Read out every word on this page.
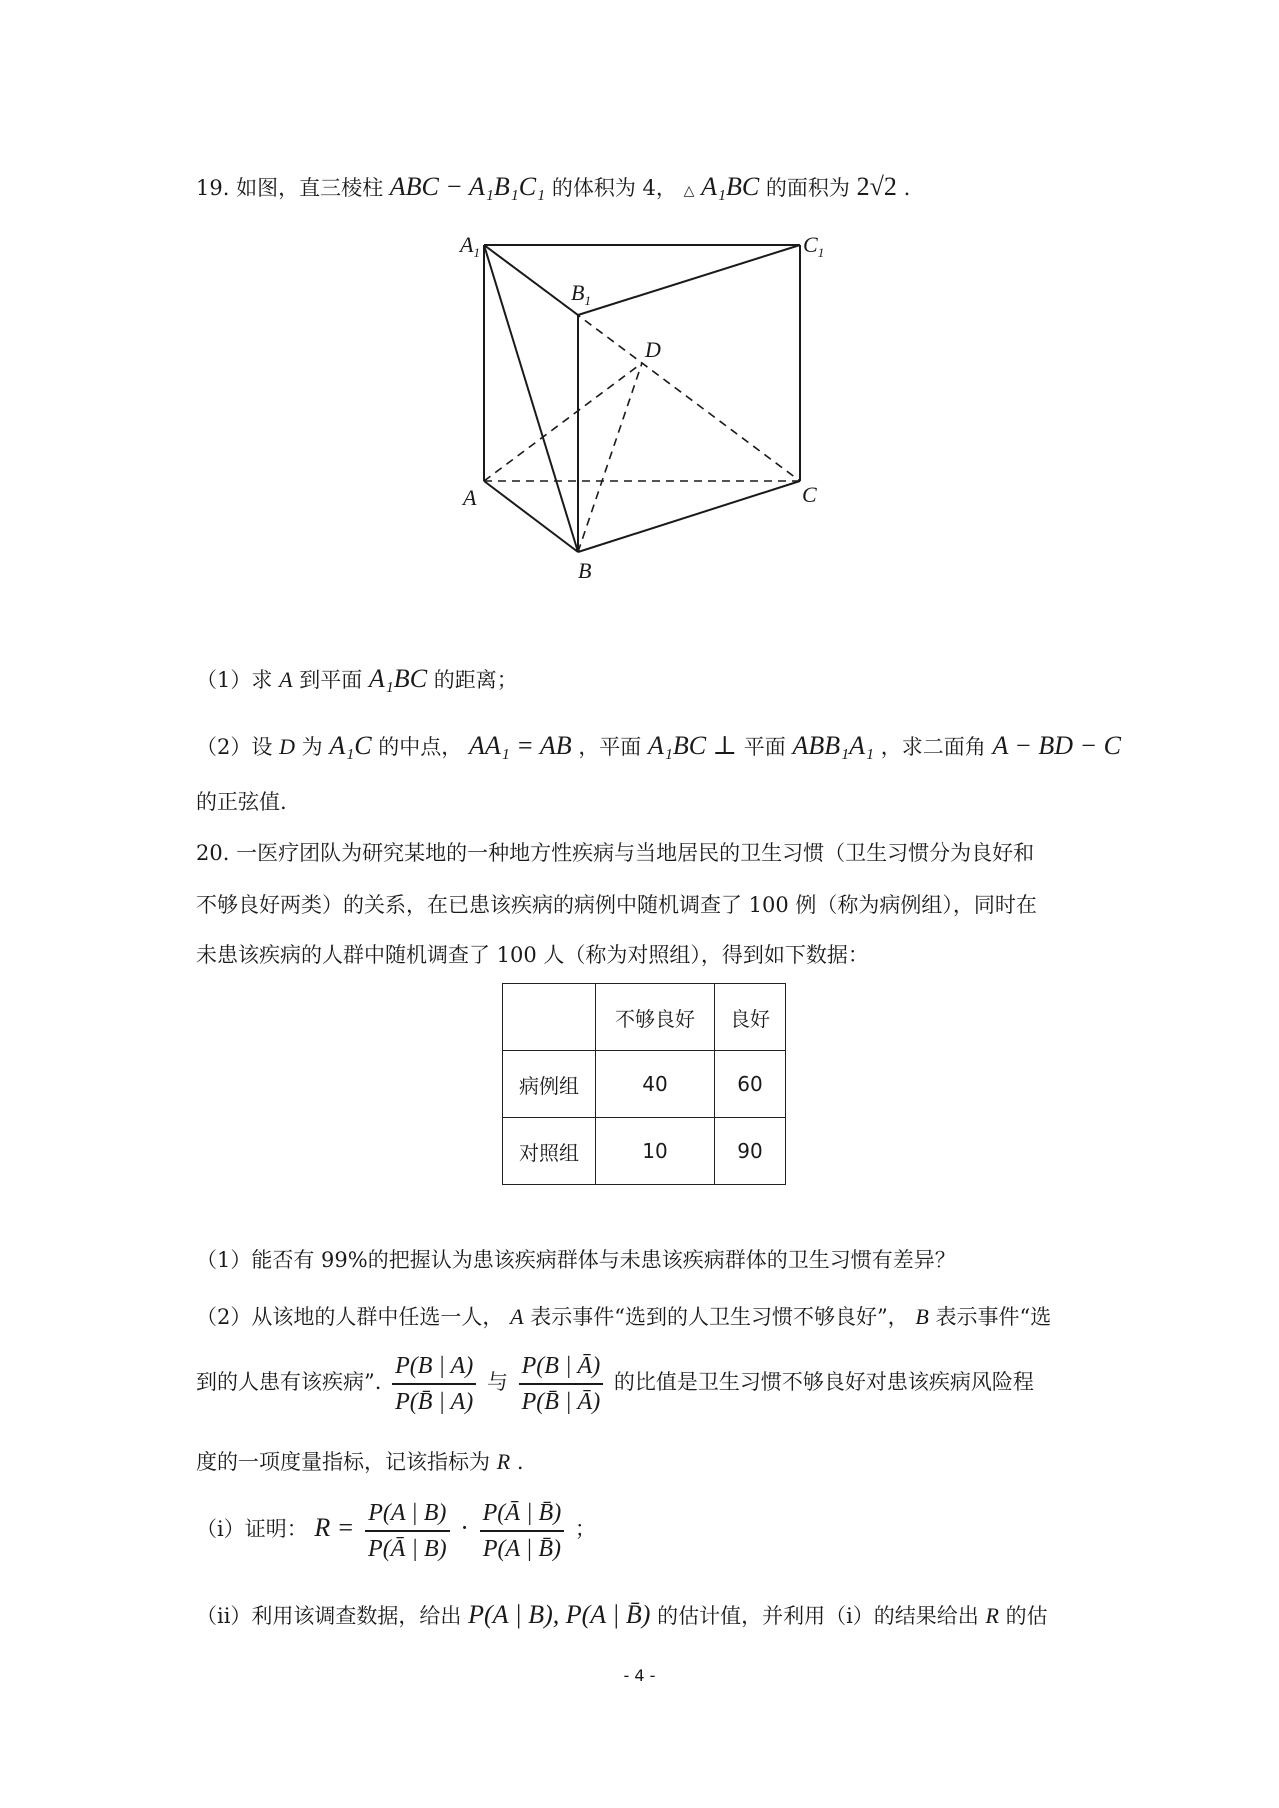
19. 如图，直三棱柱 ABC − A₁B₁C₁ 的体积为 4， △ A₁BC 的面积为 2√2 .
$A_1$	$C_1$
$B_1$
D
A	C
B
（1）求 A 到平面 A₁BC 的距离；
（2）设 D 为 A₁C 的中点， AA₁ = AB ，平面 A₁BC ⊥ 平面 ABB₁A₁ ，求二面角 A − BD − C
的正弦值.
20. 一医疗团队为研究某地的一种地方性疾病与当地居民的卫生习惯（卫生习惯分为良好和
不够良好两类）的关系，在已患该疾病的病例中随机调查了 100 例（称为病例组），同时在
未患该疾病的人群中随机调查了 100 人（称为对照组），得到如下数据：
	不够良好	良好
病例组	40	60
对照组	10	90
（1）能否有 99%的把握认为患该疾病群体与未患该疾病群体的卫生习惯有差异？
（2）从该地的人群中任选一人， A 表示事件“选到的人卫生习惯不够良好”， B 表示事件“选
到的人患有该疾病”. $\frac{P(B | A)}{P(B̄ | A)}$ 与 $\frac{P(B | Ā)}{P(B̄ | Ā)}$ 的比值是卫生习惯不够良好对患该疾病风险程
度的一项度量指标，记该指标为 R .
（i）证明： $R = \frac{P(A | B)}{P(Ā | B)} \cdot \frac{P(Ā | B̄)}{P(A | B̄)}$ ；
（ii）利用该调查数据，给出 P(A | B), P(A | B̄) 的估计值，并利用（i）的结果给出 R 的估
- 4 -
